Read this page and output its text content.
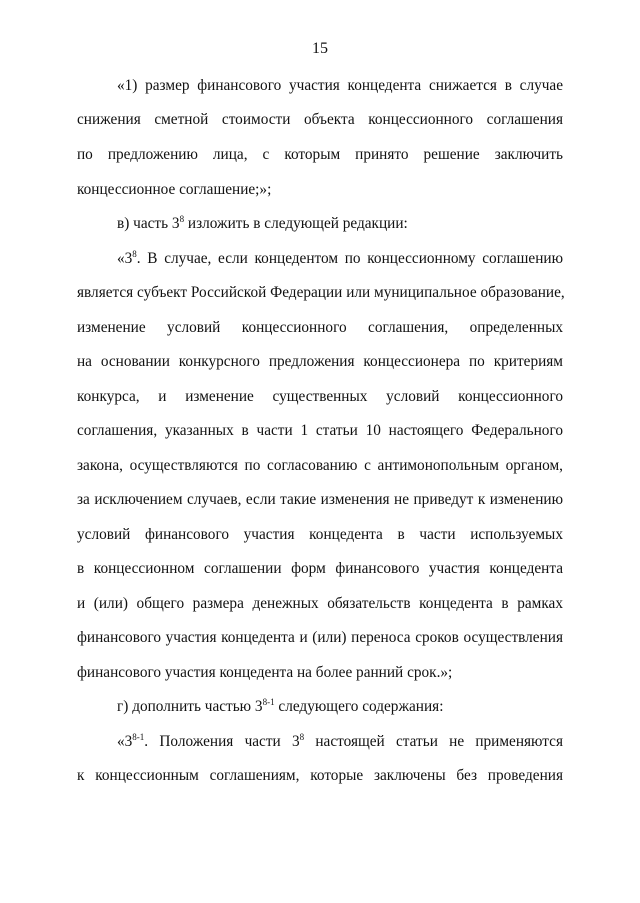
15
«1) размер финансового участия концедента снижается в случае
снижения сметной стоимости объекта концессионного соглашения
по предложению лица, с которым принято решение заключить
концессионное соглашение;»;
в) часть $3^8$ изложить в следующей редакции:
«$3^8$. В случае, если концедентом по концессионному соглашению
является субъект Российской Федерации или муниципальное образование,
изменение условий концессионного соглашения, определенных
на основании конкурсного предложения концессионера по критериям
конкурса, и изменение существенных условий концессионного
соглашения, указанных в части 1 статьи 10 настоящего Федерального
закона, осуществляются по согласованию с антимонопольным органом,
за исключением случаев, если такие изменения не приведут к изменению
условий финансового участия концедента в части используемых
в концессионном соглашении форм финансового участия концедента
и (или) общего размера денежных обязательств концедента в рамках
финансового участия концедента и (или) переноса сроков осуществления
финансового участия концедента на более ранний срок.»;
г) дополнить частью 3$^{8-1}$ следующего содержания:
«3$^{8-1}$. Положения части $3^8$ настоящей статьи не применяются
к концессионным соглашениям, которые заключены без проведения
